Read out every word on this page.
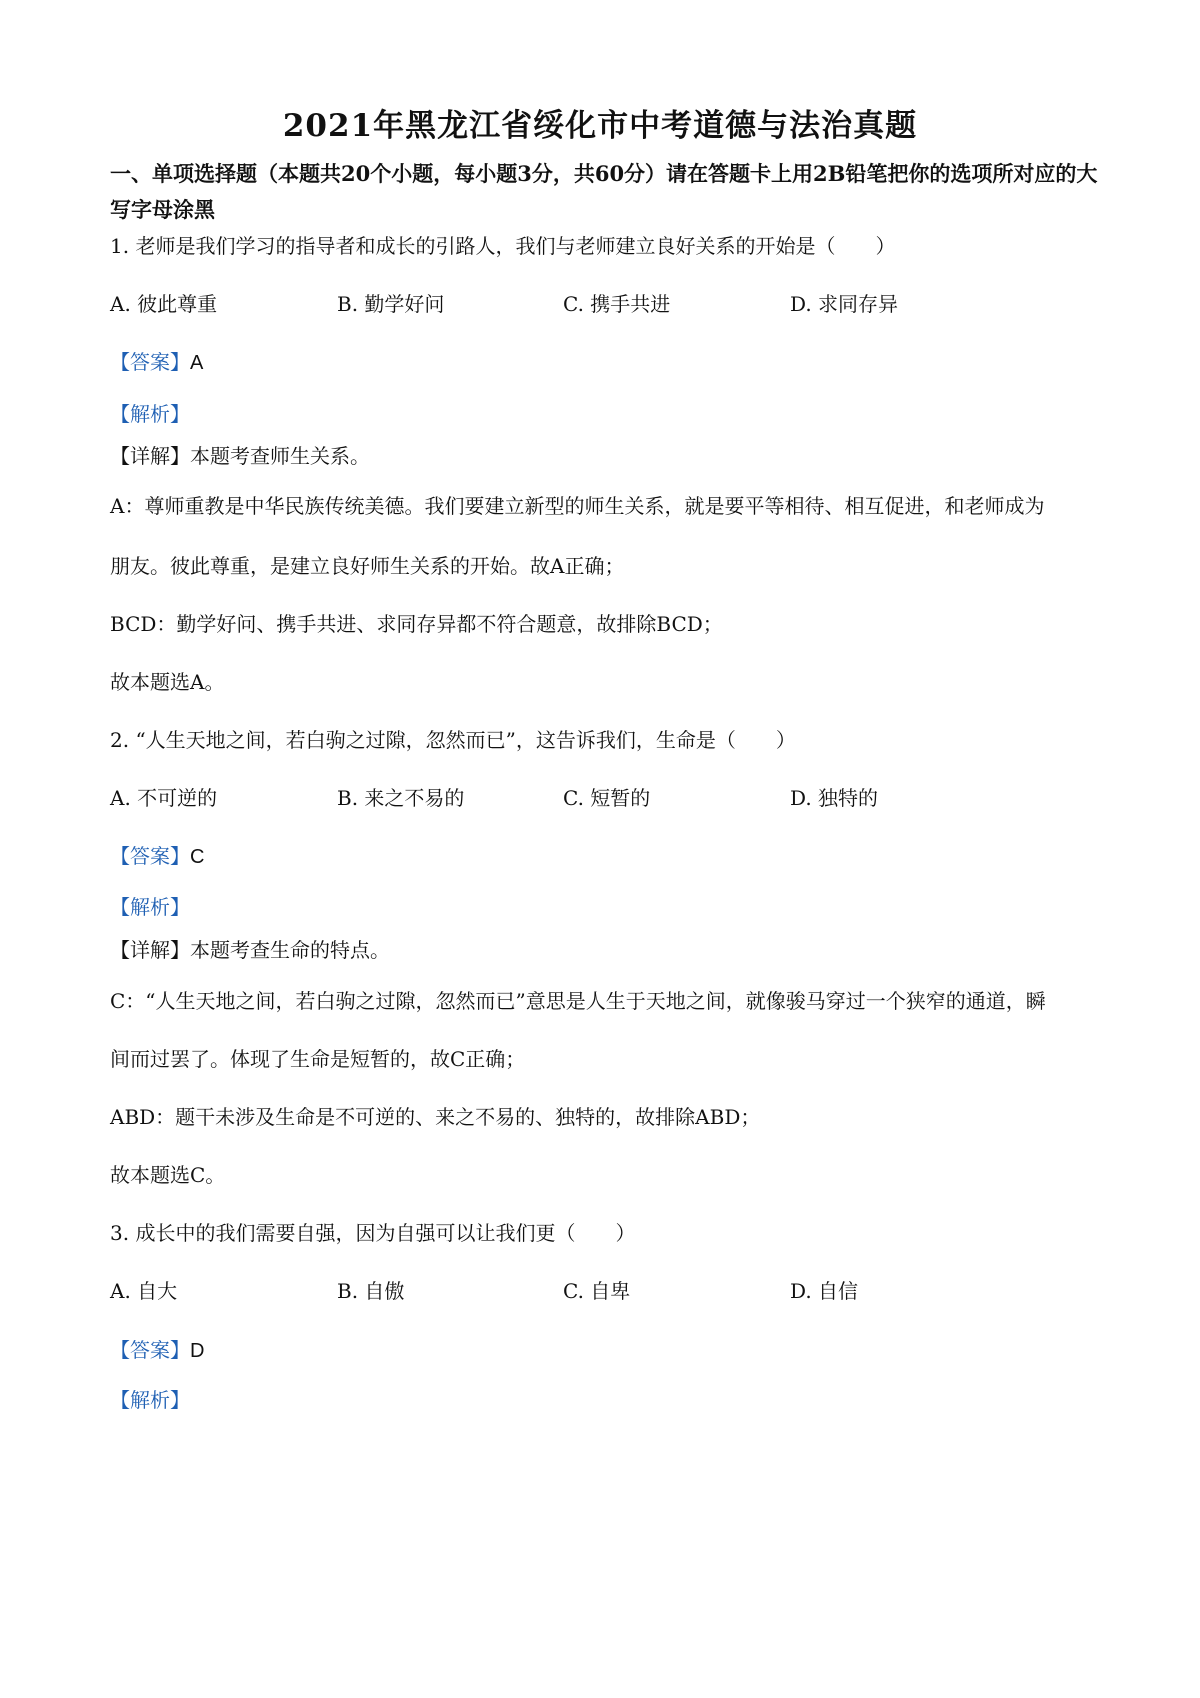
2021年黑龙江省绥化市中考道德与法治真题
一、单项选择题（本题共20个小题，每小题3分，共60分）请在答题卡上用2B铅笔把你的选项所对应的大写字母涂黑
1. 老师是我们学习的指导者和成长的引路人，我们与老师建立良好关系的开始是（　　）
A. 彼此尊重	B. 勤学好问	C. 携手共进	D. 求同存异
【答案】A
【解析】
【详解】本题考查师生关系。
A：尊师重教是中华民族传统美德。我们要建立新型的师生关系，就是要平等相待、相互促进，和老师成为
朋友。彼此尊重，是建立良好师生关系的开始。故A正确；
BCD：勤学好问、携手共进、求同存异都不符合题意，故排除BCD；
故本题选A。
2. “人生天地之间，若白驹之过隙，忽然而已”，这告诉我们，生命是（　　）
A. 不可逆的	B. 来之不易的	C. 短暂的	D. 独特的
【答案】C
【解析】
【详解】本题考查生命的特点。
C：“人生天地之间，若白驹之过隙，忽然而已”意思是人生于天地之间，就像骏马穿过一个狭窄的通道，瞬
间而过罢了。体现了生命是短暂的，故C正确；
ABD：题干未涉及生命是不可逆的、来之不易的、独特的，故排除ABD；
故本题选C。
3. 成长中的我们需要自强，因为自强可以让我们更（　　）
A. 自大	B. 自傲	C. 自卑	D. 自信
【答案】D
【解析】
